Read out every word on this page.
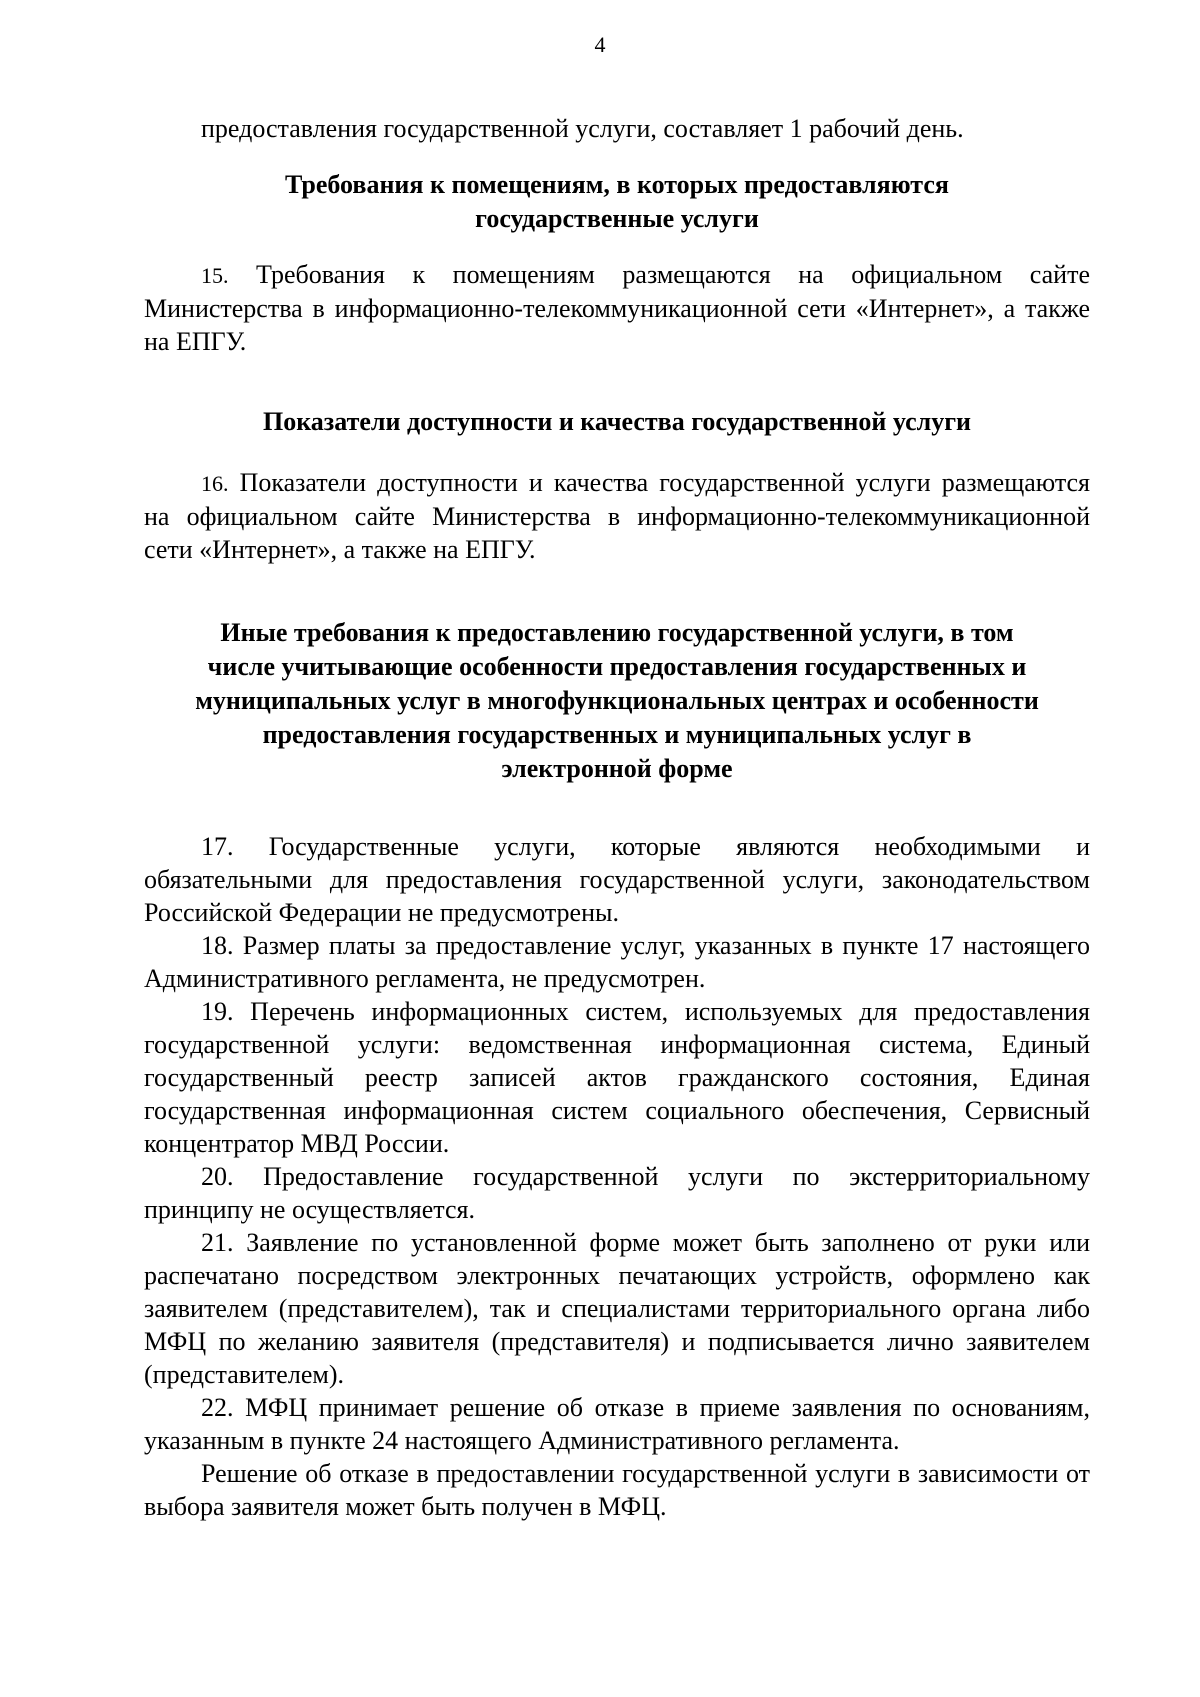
4

предоставления государственной услуги, составляет 1 рабочий день.

Требования к помещениям, в которых предоставляются

государственные услуги

15. Требования к помещениям размещаются на официальном сайте Министерства в информационно-телекоммуникационной сети «Интернет», а также на ЕПГУ.

Показатели доступности и качества государственной услуги

16. Показатели доступности и качества государственной услуги размещаются на официальном сайте Министерства в информационно-телекоммуникационной сети «Интернет», а также на ЕПГУ.

Иные требования к предоставлению государственной услуги, в том

числе учитывающие особенности предоставления государственных и

муниципальных услуг в многофункциональных центрах и особенности

предоставления государственных и муниципальных услуг в

электронной форме

17. Государственные услуги, которые являются необходимыми и обязательными для предоставления государственной услуги, законодательством Российской Федерации не предусмотрены.

18. Размер платы за предоставление услуг, указанных в пункте 17 настоящего Административного регламента, не предусмотрен.

19. Перечень информационных систем, используемых для предоставления государственной услуги: ведомственная информационная система, Единый государственный реестр записей актов гражданского состояния, Единая государственная информационная систем социального обеспечения, Сервисный концентратор МВД России.

20. Предоставление государственной услуги по экстерриториальному принципу не осуществляется.

21. Заявление по установленной форме может быть заполнено от руки или распечатано посредством электронных печатающих устройств, оформлено как заявителем (представителем), так и специалистами территориального органа либо МФЦ по желанию заявителя (представителя) и подписывается лично заявителем (представителем).

22. МФЦ принимает решение об отказе в приеме заявления по основаниям, указанным в пункте 24 настоящего Административного регламента.

Решение об отказе в предоставлении государственной услуги в зависимости от выбора заявителя может быть получен в МФЦ.
